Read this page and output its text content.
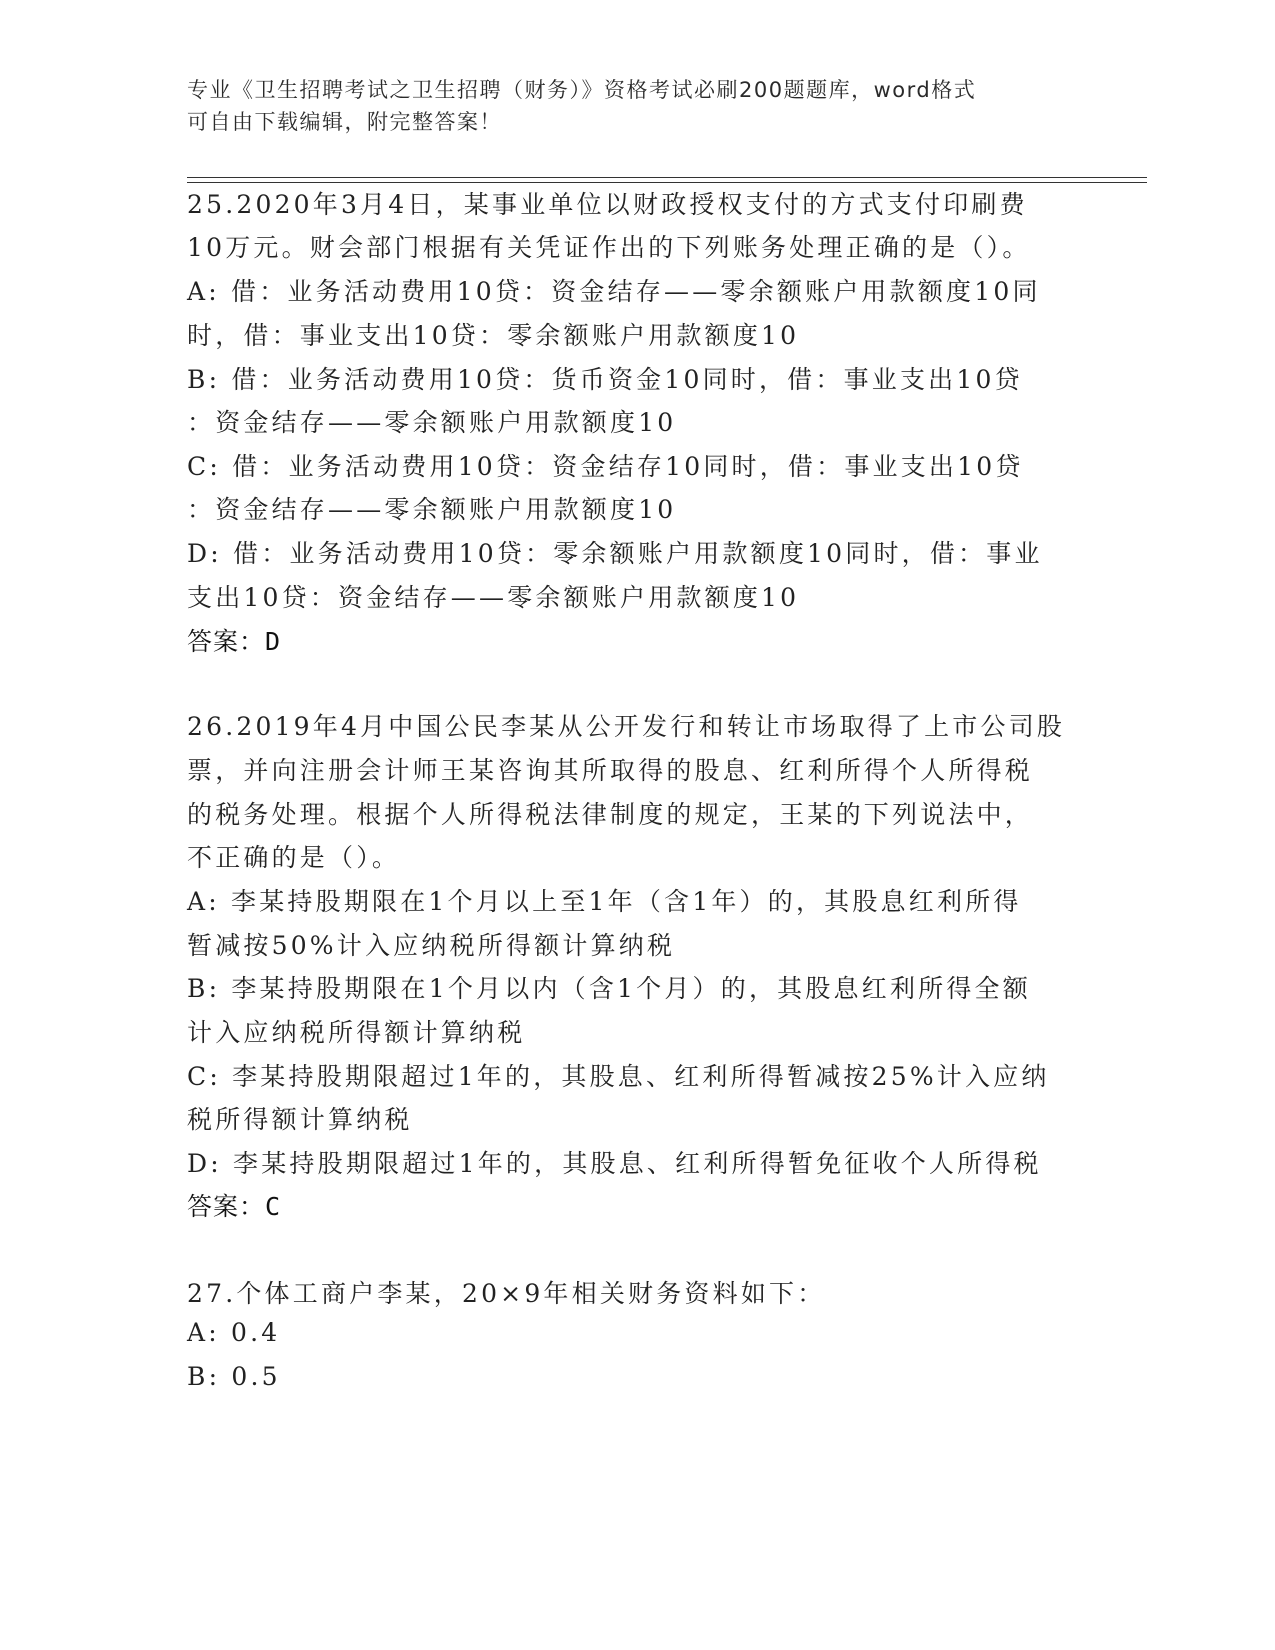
专业《卫生招聘考试之卫生招聘（财务）》资格考试必刷200题题库，word格式
可自由下载编辑，附完整答案！
25.2020年3月4日，某事业单位以财政授权支付的方式支付印刷费
10万元。财会部门根据有关凭证作出的下列账务处理正确的是（）。
A: 借：业务活动费用10贷：资金结存——零余额账户用款额度10同
时，借：事业支出10贷：零余额账户用款额度10
B: 借：业务活动费用10贷：货币资金10同时，借：事业支出10贷
：资金结存——零余额账户用款额度10
C: 借：业务活动费用10贷：资金结存10同时，借：事业支出10贷
：资金结存——零余额账户用款额度10
D: 借：业务活动费用10贷：零余额账户用款额度10同时，借：事业
支出10贷：资金结存——零余额账户用款额度10
答案：D
26.2019年4月中国公民李某从公开发行和转让市场取得了上市公司股
票，并向注册会计师王某咨询其所取得的股息、红利所得个人所得税
的税务处理。根据个人所得税法律制度的规定，王某的下列说法中，
不正确的是（）。
A: 李某持股期限在1个月以上至1年（含1年）的，其股息红利所得
暂减按50%计入应纳税所得额计算纳税
B: 李某持股期限在1个月以内（含1个月）的，其股息红利所得全额
计入应纳税所得额计算纳税
C: 李某持股期限超过1年的，其股息、红利所得暂减按25%计入应纳
税所得额计算纳税
D: 李某持股期限超过1年的，其股息、红利所得暂免征收个人所得税
答案：C
27.个体工商户李某，20×9年相关财务资料如下：
A: 0.4
B: 0.5
